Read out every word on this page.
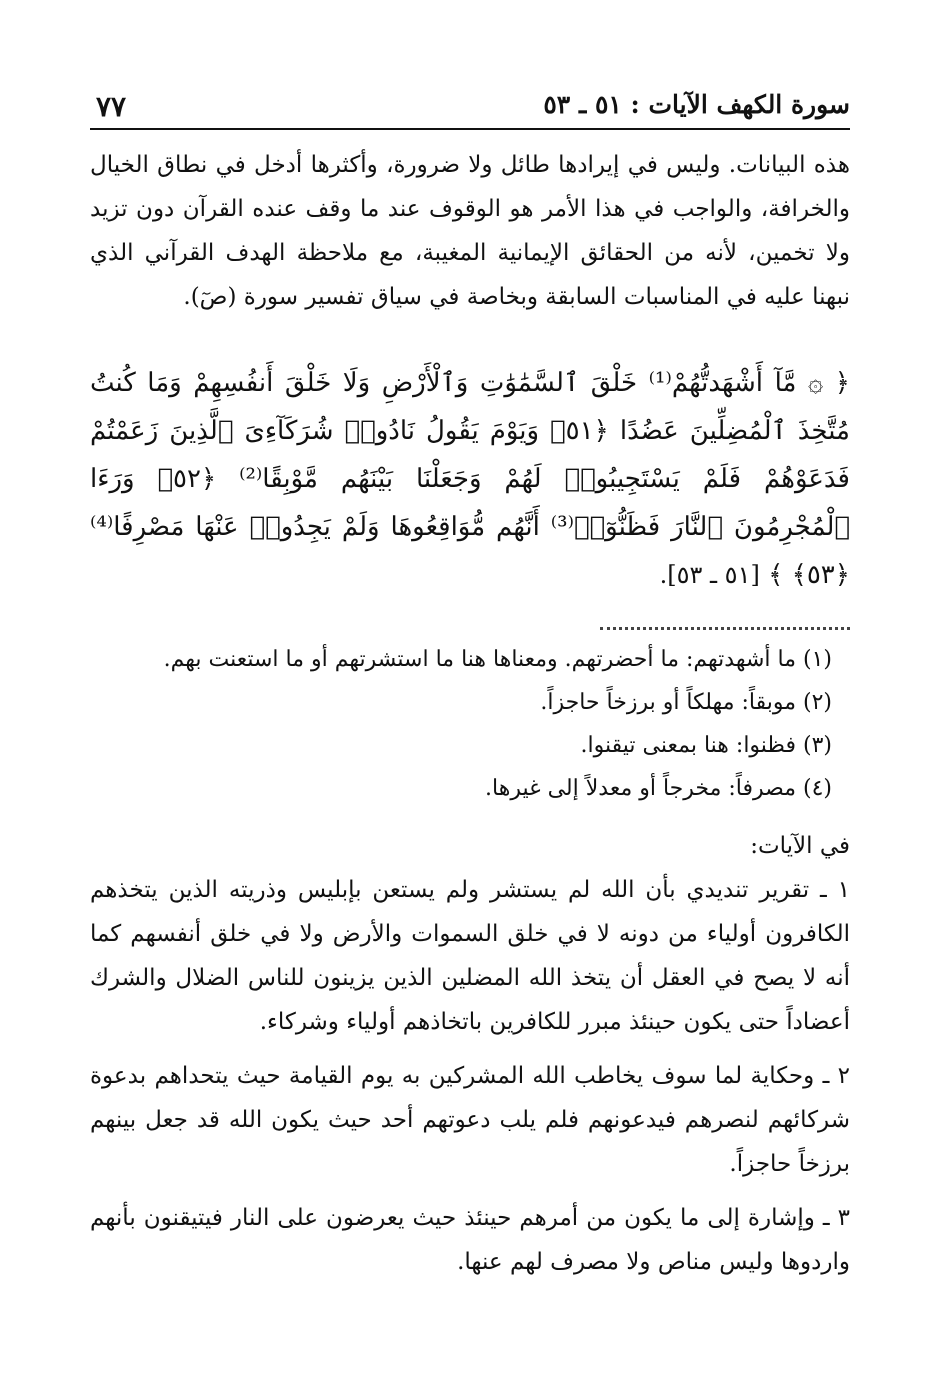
سورة الكهف الآيات : ٥١ ـ ٥٣
٧٧

هذه البيانات. وليس في إيرادها طائل ولا ضرورة، وأكثرها أدخل في نطاق الخيال والخرافة، والواجب في هذا الأمر هو الوقوف عند ما وقف عنده القرآن دون تزيد ولا تخمين، لأنه من الحقائق الإيمانية المغيبة، مع ملاحظة الهدف القرآني الذي نبهنا عليه في المناسبات السابقة وبخاصة في سياق تفسير سورة (صٓ).

﴿ ۞ مَّآ أَشْهَدتُّهُمْ⁽¹⁾ خَلْقَ ٱلسَّمَٰوَٰتِ وَٱلْأَرْضِ وَلَا خَلْقَ أَنفُسِهِمْ وَمَا كُنتُ مُتَّخِذَ ٱلْمُضِلِّينَ عَضُدًا ﴿٥١﴾ وَيَوْمَ يَقُولُ نَادُوا۟ شُرَكَآءِىَ ٱلَّذِينَ زَعَمْتُمْ فَدَعَوْهُمْ فَلَمْ يَسْتَجِيبُوا۟ لَهُمْ وَجَعَلْنَا بَيْنَهُم مَّوْبِقًا⁽²⁾ ﴿٥٢﴾ وَرَءَا ٱلْمُجْرِمُونَ ٱلنَّارَ فَظَنُّوٓا۟⁽³⁾ أَنَّهُم مُّوَاقِعُوهَا وَلَمْ يَجِدُوا۟ عَنْهَا مَصْرِفًا⁽⁴⁾ ﴿٥٣﴾ ﴾ [٥١ ـ ٥٣].
(١) ما أشهدتهم: ما أحضرتهم. ومعناها هنا ما استشرتهم أو ما استعنت بهم.
(٢) موبقاً: مهلكاً أو برزخاً حاجزاً.
(٣) فظنوا: هنا بمعنى تيقنوا.
(٤) مصرفاً: مخرجاً أو معدلاً إلى غيرها.
في الآيات:

١ ـ تقرير تنديدي بأن الله لم يستشر ولم يستعن بإبليس وذريته الذين يتخذهم الكافرون أولياء من دونه لا في خلق السموات والأرض ولا في خلق أنفسهم كما أنه لا يصح في العقل أن يتخذ الله المضلين الذين يزينون للناس الضلال والشرك أعضاداً حتى يكون حينئذ مبرر للكافرين باتخاذهم أولياء وشركاء.

٢ ـ وحكاية لما سوف يخاطب الله المشركين به يوم القيامة حيث يتحداهم بدعوة شركائهم لنصرهم فيدعونهم فلم يلب دعوتهم أحد حيث يكون الله قد جعل بينهم برزخاً حاجزاً.

٣ ـ وإشارة إلى ما يكون من أمرهم حينئذ حيث يعرضون على النار فيتيقنون بأنهم واردوها وليس مناص ولا مصرف لهم عنها.
